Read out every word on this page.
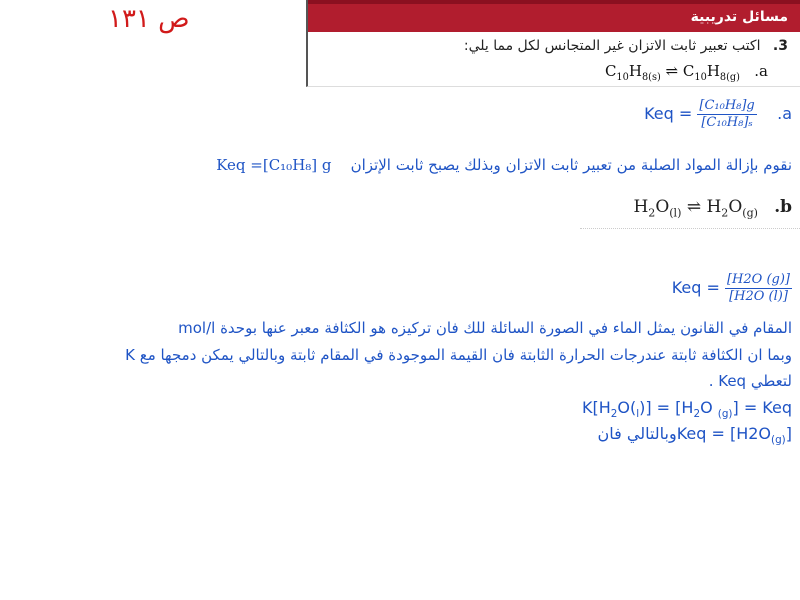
ص ١٣١	مسائل تدريبية
3. اكتب تعبير ثابت الاتزان غير المتجانس لكل مما يلي:
$C_{10}H_{8(s)}$ ⇌ $C_{10}H_{8(g)}$ .a
Keq = $\frac{\text{[C₁₀H₈]g}}{\text{[C₁₀H₈]ₛ}} .a$
نقوم بإزالة المواد الصلبة من تعبير ثابت الاتزان وبذلك يصبح ثابت الإتزان    Keq =[C₁₀H₈] g
$H_2O_{(l)}$ ⇌ $H_2O_{(g)}$ .b
Keq = $\frac{[H2O (g)]}{[H2O (l)]}$
المقام في القانون يمثل الماء في الصورة السائلة للك فان تركيزه هو الكثافة معبر عنها بوحدة mol/l
وبما ان الكثافة ثابتة عندرجات الحرارة الثابتة فان القيمة الموجودة في المقام ثابتة وبالتالي يمكن دمجها مع K
لتعطي Keq .
$K[H_2O(_l)] = [H_2O$ $_{(g)}$] = Keq
وبالتالي فان Keq = $[H2O_{(g)}]$
